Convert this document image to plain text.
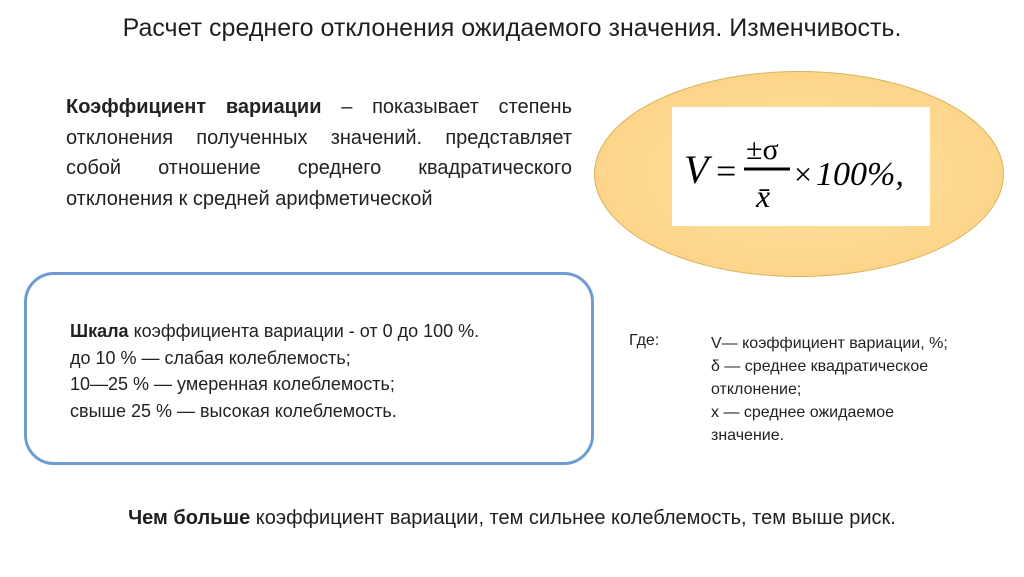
Расчет среднего отклонения ожидаемого значения. Изменчивость.
Коэффициент вариации – показывает степень отклонения полученных значений. представляет собой отношение среднего квадратического отклонения к средней арифметической
V =
±σ
x̄
× 100%,
Шкала коэффициента вариации - от 0 до 100 %.
до 10 % — слабая колеблемость;
10—25 % — умеренная колеблемость;
свыше 25 % — высокая колеблемость.
Где:	V— коэффициент вариации, %;
δ — среднее квадратическое
отклонение;
x — среднее ожидаемое
значение.
Чем больше коэффициент вариации, тем сильнее колеблемость, тем выше риск.
